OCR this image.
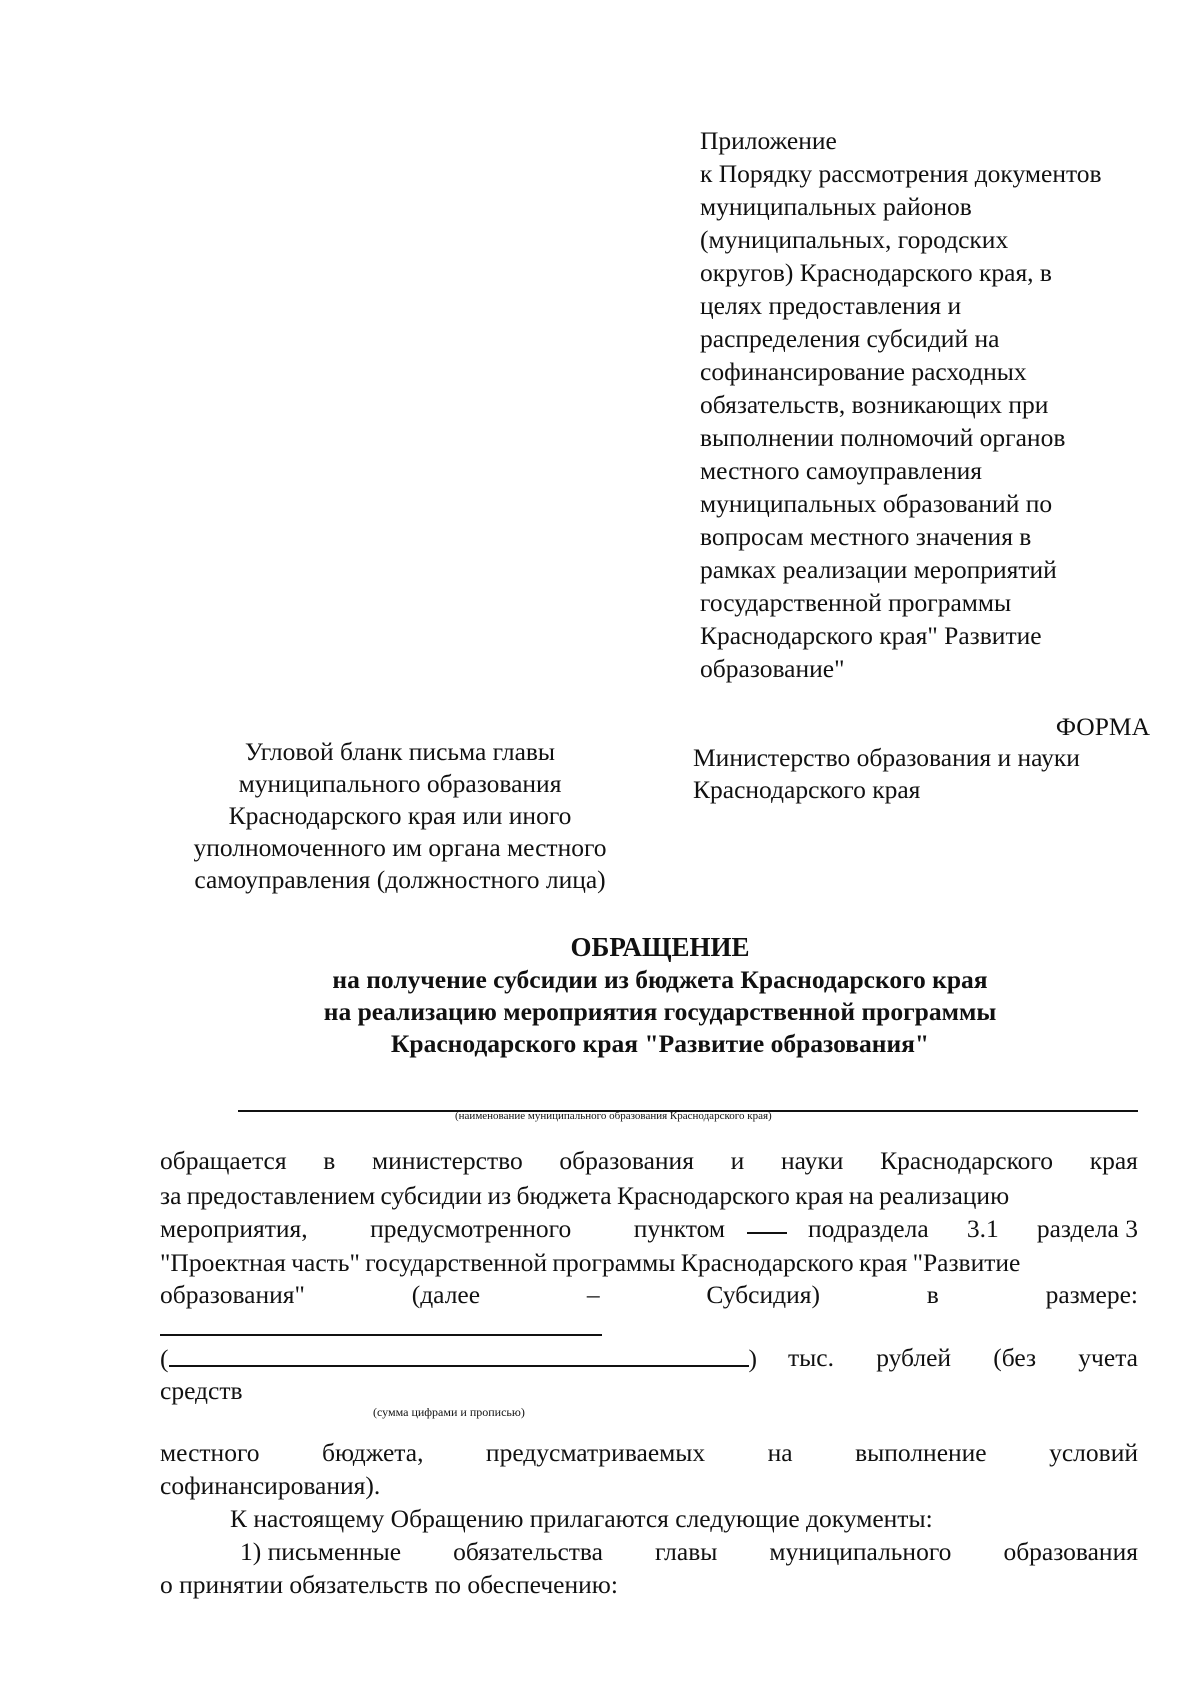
Приложение
к Порядку рассмотрения документов
муниципальных районов
(муниципальных, городских
округов) Краснодарского края, в
целях предоставления и
распределения субсидий на
софинансирование расходных
обязательств, возникающих при
выполнении полномочий органов
местного самоуправления
муниципальных образований по
вопросам местного значения в
рамках реализации мероприятий
государственной программы
Краснодарского края" Развитие
образование"
ФОРМА
Угловой бланк письма главы
муниципального образования
Краснодарского края или иного
уполномоченного им органа местного
самоуправления (должностного лица)
Министерство образования и науки
Краснодарского края
ОБРАЩЕНИЕ
на получение субсидии из бюджета Краснодарского края
на реализацию мероприятия государственной программы
Краснодарского края "Развитие образования"
(наименование муниципального образования Краснодарского края)
обращается в министерство образования и науки Краснодарского края
за предоставлением субсидии из бюджета Краснодарского края на реализацию
мероприятия, предусмотренного пунктом	подраздела 3.1 раздела 3
"Проектная часть" государственной программы Краснодарского края "Развитие
образования"	(далее	–	Субсидия)	в	размере:
(	) тыс. рублей (без учета
средств
(сумма цифрами и прописью)
местного бюджета, предусматриваемых на выполнение условий
софинансирования).
К настоящему Обращению прилагаются следующие документы:
1) письменные обязательства главы муниципального образования
о принятии обязательств по обеспечению:
